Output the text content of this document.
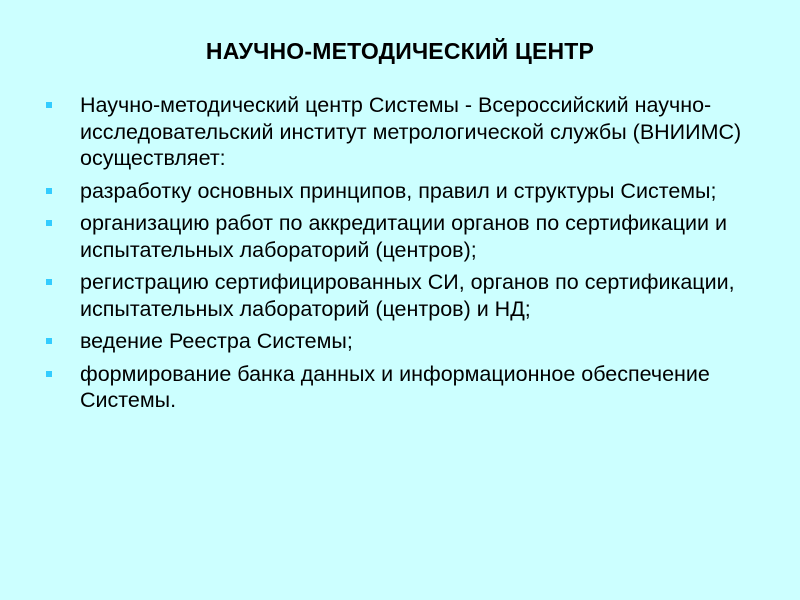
НАУЧНО-МЕТОДИЧЕСКИЙ ЦЕНТР
Научно-методический центр Системы - Всероссийский научно-исследовательский институт метрологической службы (ВНИИМС) осуществляет:
разработку основных принципов, правил и структуры Системы;
организацию работ по аккредитации органов по сертификации и испытательных лабораторий (центров);
регистрацию сертифицированных СИ, органов по сертификации, испытательных лабораторий (центров) и НД;
ведение Реестра Системы;
формирование банка данных и информационное обеспечение Системы.
